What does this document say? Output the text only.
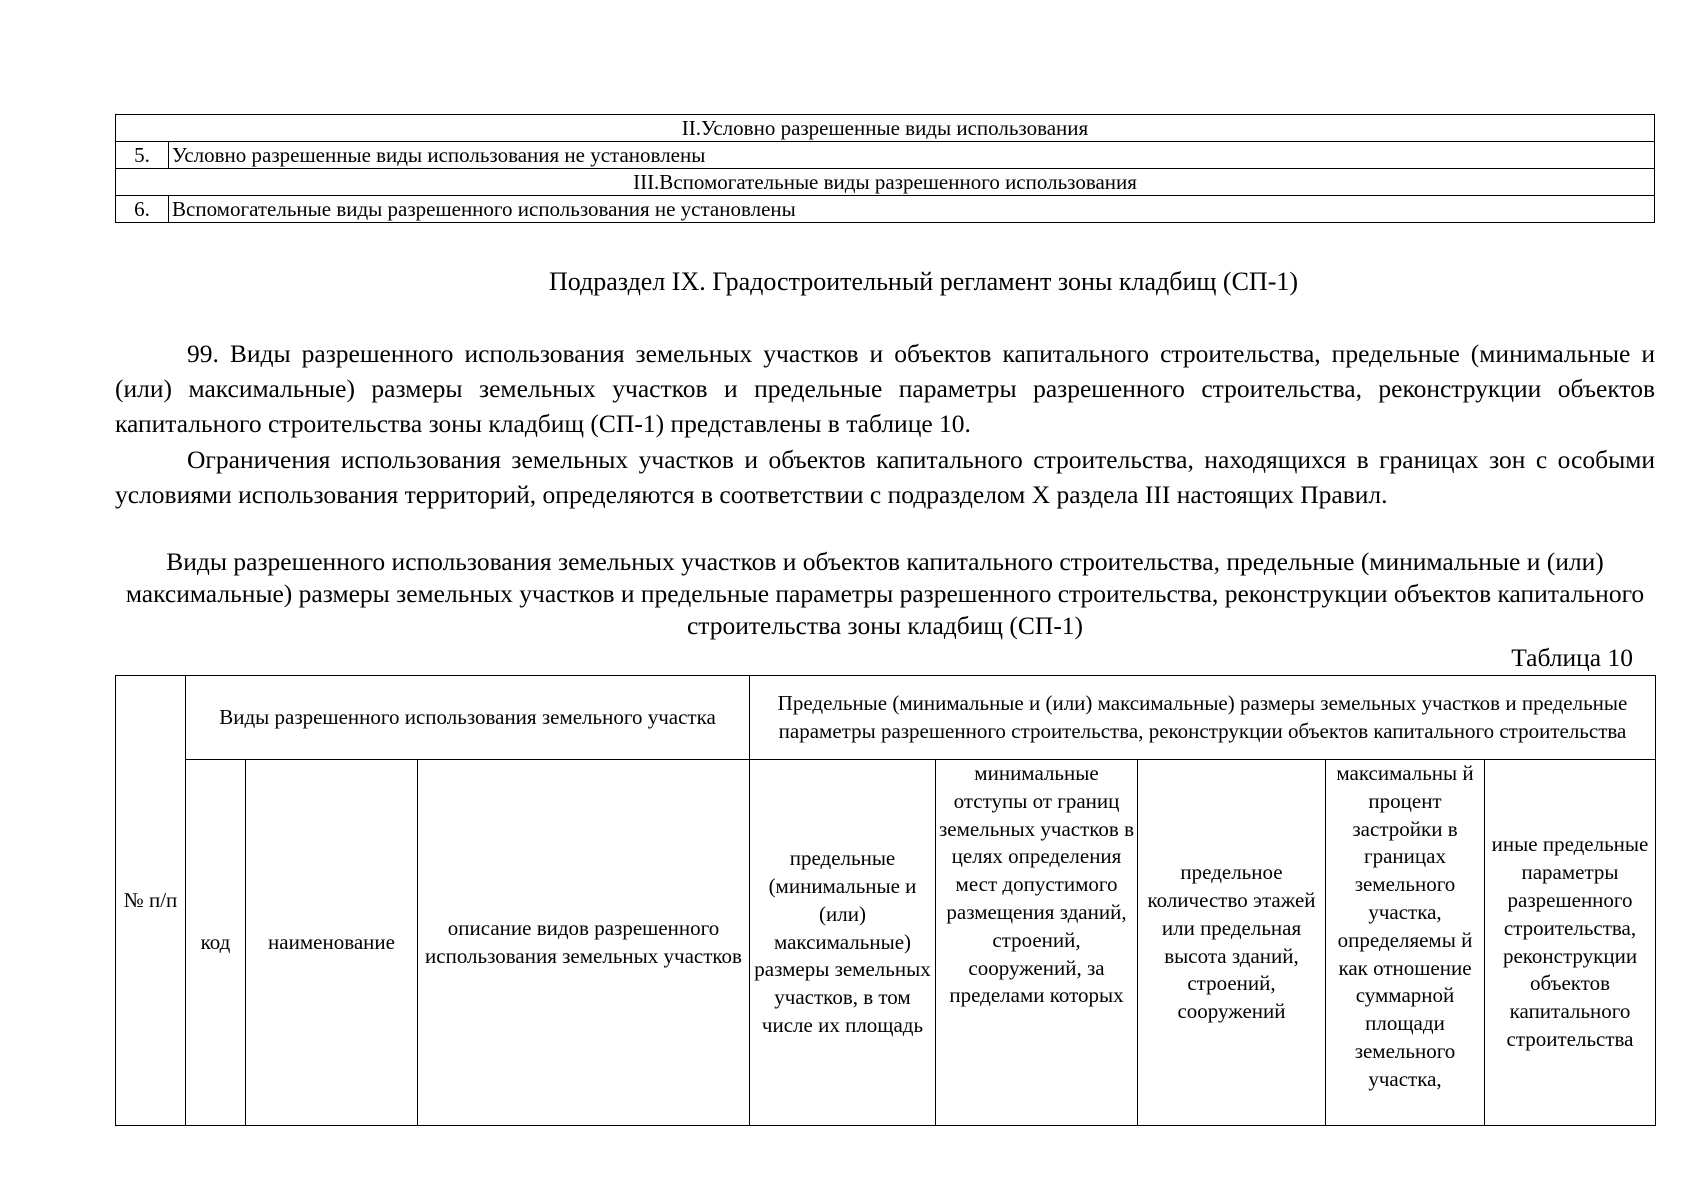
II.Условно разрешенные виды использования	
5.	Условно разрешенные виды использования не установлены
III.Вспомогательные виды разрешенного использования	
6.	Вспомогательные виды разрешенного использования не установлены
Подраздел IX. Градостроительный регламент зоны кладбищ (СП-1)
99. Виды разрешенного использования земельных участков и объектов капитального строительства, предельные (минимальные и (или) максимальные) размеры земельных участков и предельные параметры разрешенного строительства, реконструкции объектов капитального строительства зоны кладбищ (СП-1) представлены в таблице 10.
Ограничения использования земельных участков и объектов капитального строительства, находящихся в границах зон с особыми условиями использования территорий, определяются в соответствии с подразделом X раздела III настоящих Правил.
Виды разрешенного использования земельных участков и объектов капитального строительства, предельные (минимальные и (или) максимальные) размеры земельных участков и предельные параметры разрешенного строительства, реконструкции объектов капитального строительства зоны кладбищ (СП-1)
Таблица 10
№ п/п	Виды разрешенного использования земельного участка			Предельные (минимальные и (или) максимальные) размеры земельных участков и предельные параметры разрешенного строительства, реконструкции объектов капитального строительства				
	код	наименование	описание видов разрешенного использования земельных участков	предельные (минимальные и (или) максимальные) размеры земельных участков, в том числе их площадь	минимальные отступы от границ земельных участков в целях определения мест допустимого размещения зданий, строений, сооружений, за пределами которых	предельное количество этажей или предельная высота зданий, строений, сооружений	максимальны й процент застройки в границах земельного участка, определяемы й как отношение суммарной площади земельного участка,	иные предельные параметры разрешенного строительства, реконструкции объектов капитального строительства
